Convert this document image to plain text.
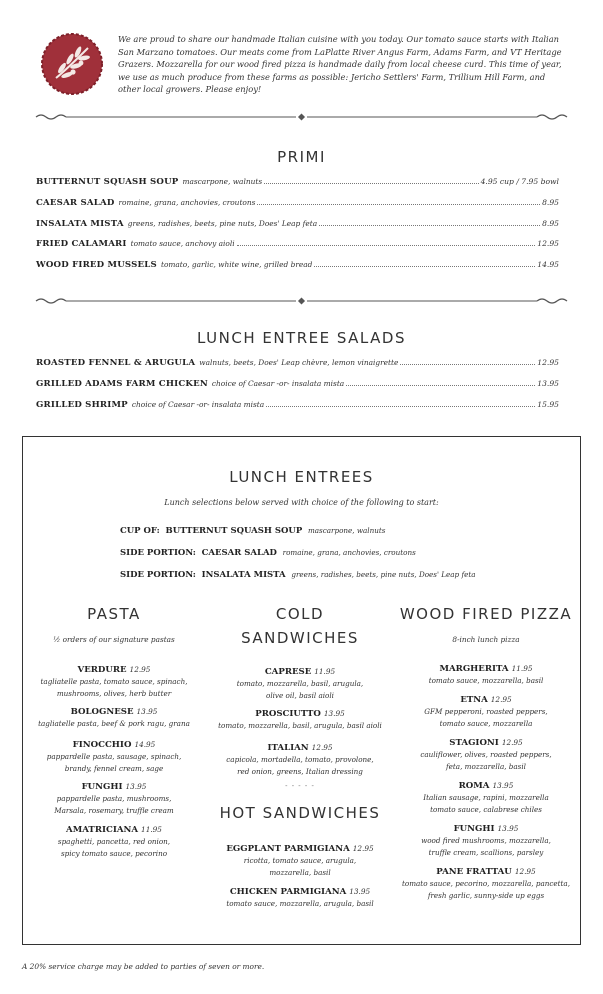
We are proud to share our handmade Italian cuisine with you today. Our tomato sauce starts with Italian San Marzano tomatoes. Our meats come from LaPlatte River Angus Farm, Adams Farm, and VT Heritage Grazers. Mozzarella for our wood fired pizza is handmade daily from local cheese curd. This time of year, we use as much produce from these farms as possible: Jericho Settlers' Farm, Trillium Hill Farm, and other local growers. Please enjoy!
PRIMI
BUTTERNUT SQUASH SOUP mascarpone, walnuts	4.95 cup / 7.95 bowl
CAESAR SALAD romaine, grana, anchovies, croutons	8.95
INSALATA MISTA greens, radishes, beets, pine nuts, Does' Leap feta	8.95
FRIED CALAMARI tomato sauce, anchovy aioli	12.95
WOOD FIRED MUSSELS tomato, garlic, white wine, grilled bread	14.95
LUNCH ENTREE SALADS
ROASTED FENNEL & ARUGULA walnuts, beets, Does' Leap chèvre, lemon vinaigrette	12.95
GRILLED ADAMS FARM CHICKEN choice of Caesar -or- insalata mista	13.95
GRILLED SHRIMP choice of Caesar -or- insalata mista	15.95
LUNCH ENTREES
Lunch selections below served with choice of the following to start:
CUP OF: BUTTERNUT SQUASH SOUP mascarpone, walnuts
SIDE PORTION: CAESAR SALAD romaine, grana, anchovies, croutons
SIDE PORTION: INSALATA MISTA greens, radishes, beets, pine nuts, Does' Leap feta
PASTA
½ orders of our signature pastas
VERDURE 12.95
tagliatelle pasta, tomato sauce, spinach,
mushrooms, olives, herb butter
BOLOGNESE 13.95
tagliatelle pasta, beef & pork ragu, grana
FINOCCHIO 14.95
pappardelle pasta, sausage, spinach,
brandy, fennel cream, sage
FUNGHI 13.95
pappardelle pasta, mushrooms,
Marsala, rosemary, truffle cream
AMATRICIANA 11.95
spaghetti, pancetta, red onion,
spicy tomato sauce, pecorino
COLD
SANDWICHES
CAPRESE 11.95
tomato, mozzarella, basil, arugula,
olive oil, basil aioli
PROSCIUTTO 13.95
tomato, mozzarella, basil, arugula, basil aioli
ITALIAN 12.95
capicola, mortadella, tomato, provolone,
red onion, greens, Italian dressing
- - - - -
HOT SANDWICHES
EGGPLANT PARMIGIANA 12.95
ricotta, tomato sauce, arugula,
mozzarella, basil
CHICKEN PARMIGIANA 13.95
tomato sauce, mozzarella, arugula, basil
WOOD FIRED PIZZA
8-inch lunch pizza
MARGHERITA 11.95
tomato sauce, mozzarella, basil
ETNA 12.95
GFM pepperoni, roasted peppers,
tomato sauce, mozzarella
STAGIONI 12.95
cauliflower, olives, roasted peppers,
feta, mozzarella, basil
ROMA 13.95
Italian sausage, rapini, mozzarella
tomato sauce, calabrese chiles
FUNGHI 13.95
wood fired mushrooms, mozzarella,
truffle cream, scallions, parsley
PANE FRATTAU 12.95
tomato sauce, pecorino, mozzarella, pancetta,
fresh garlic, sunny-side up eggs
A 20% service charge may be added to parties of seven or more.
